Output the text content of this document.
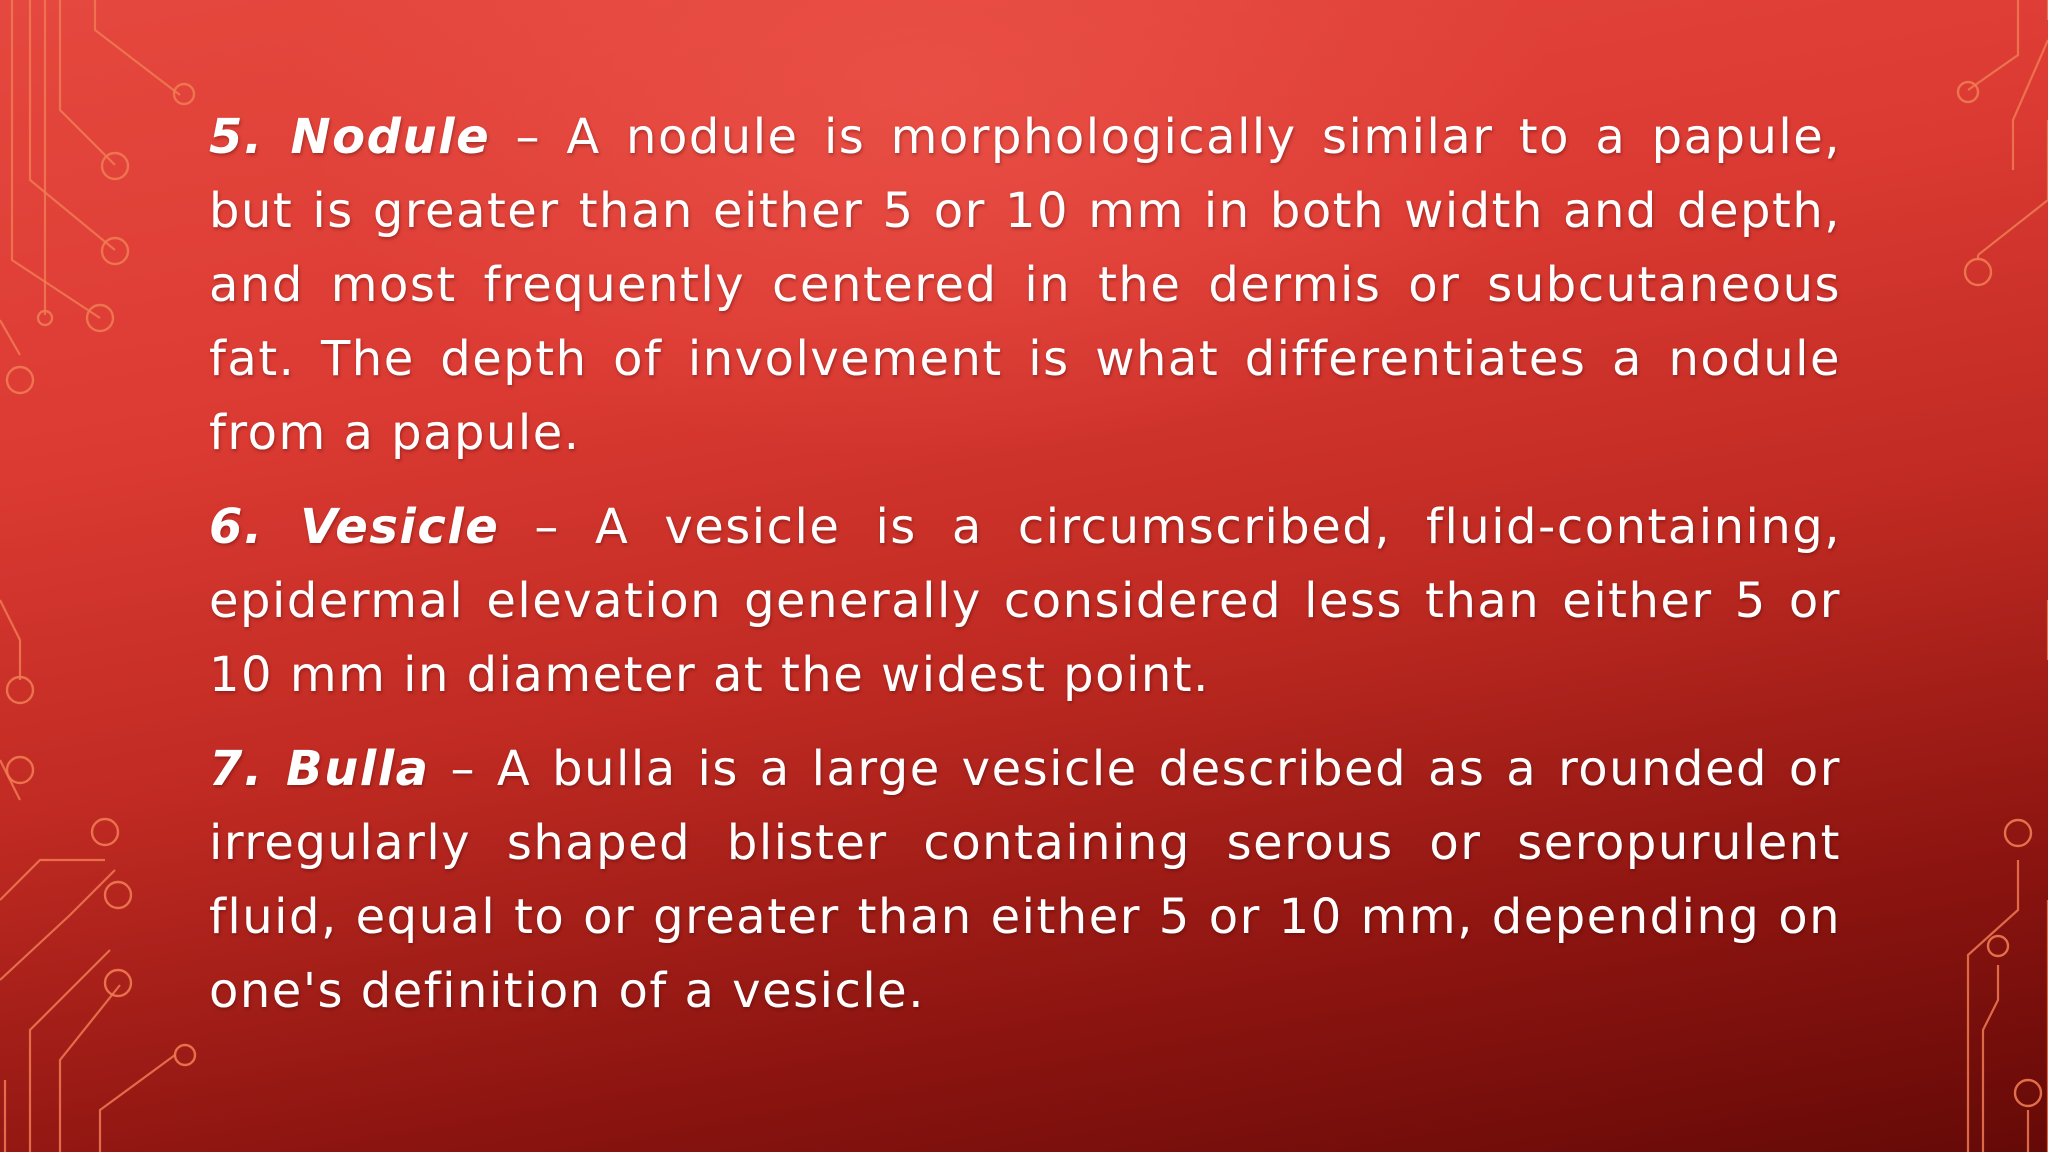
5. Nodule – A nodule is morphologically similar to a papule, but is greater than either 5 or 10 mm in both width and depth, and most frequently centered in the dermis or subcutaneous fat. The depth of involvement is what differentiates a nodule from a papule.

6. Vesicle – A vesicle is a circumscribed, fluid-containing, epidermal elevation generally considered less than either 5 or 10 mm in diameter at the widest point.

7. Bulla – A bulla is a large vesicle described as a rounded or irregularly shaped blister containing serous or seropurulent fluid, equal to or greater than either 5 or 10 mm, depending on one's definition of a vesicle.
